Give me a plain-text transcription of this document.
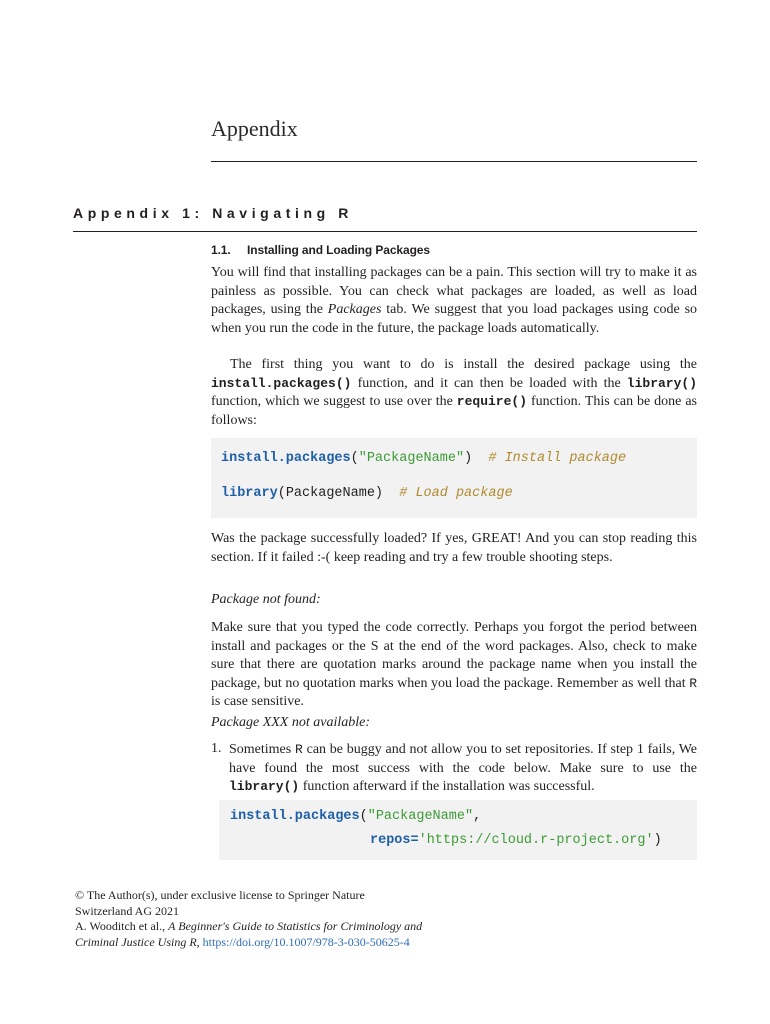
Appendix
Appendix 1: Navigating R
1.1. Installing and Loading Packages

You will find that installing packages can be a pain. This section will try to make it as painless as possible. You can check what packages are loaded, as well as load packages, using the Packages tab. We suggest that you load packages using code so when you run the code in the future, the package loads automatically.

The first thing you want to do is install the desired package using the install.packages() function, and it can then be loaded with the library() function, which we suggest to use over the require() function. This can be done as follows:

install.packages("PackageName") # Install package
library(PackageName) # Load package

Was the package successfully loaded? If yes, GREAT! And you can stop reading this section. If it failed :-( keep reading and try a few trouble shooting steps.

Package not found:

Make sure that you typed the code correctly. Perhaps you forgot the period between install and packages or the S at the end of the word packages. Also, check to make sure that there are quotation marks around the package name when you install the package, but no quotation marks when you load the package. Remember as well that R is case sensitive.

Package XXX not available:

1. Sometimes R can be buggy and not allow you to set repositories. If step 1 fails, We have found the most success with the code below. Make sure to use the library() function afterward if the installation was successful.

install.packages("PackageName",
repos='https://cloud.r-project.org')
© The Author(s), under exclusive license to Springer Nature
Switzerland AG 2021
A. Wooditch et al., A Beginner's Guide to Statistics for Criminology and
Criminal Justice Using R, https://doi.org/10.1007/978-3-030-50625-4
